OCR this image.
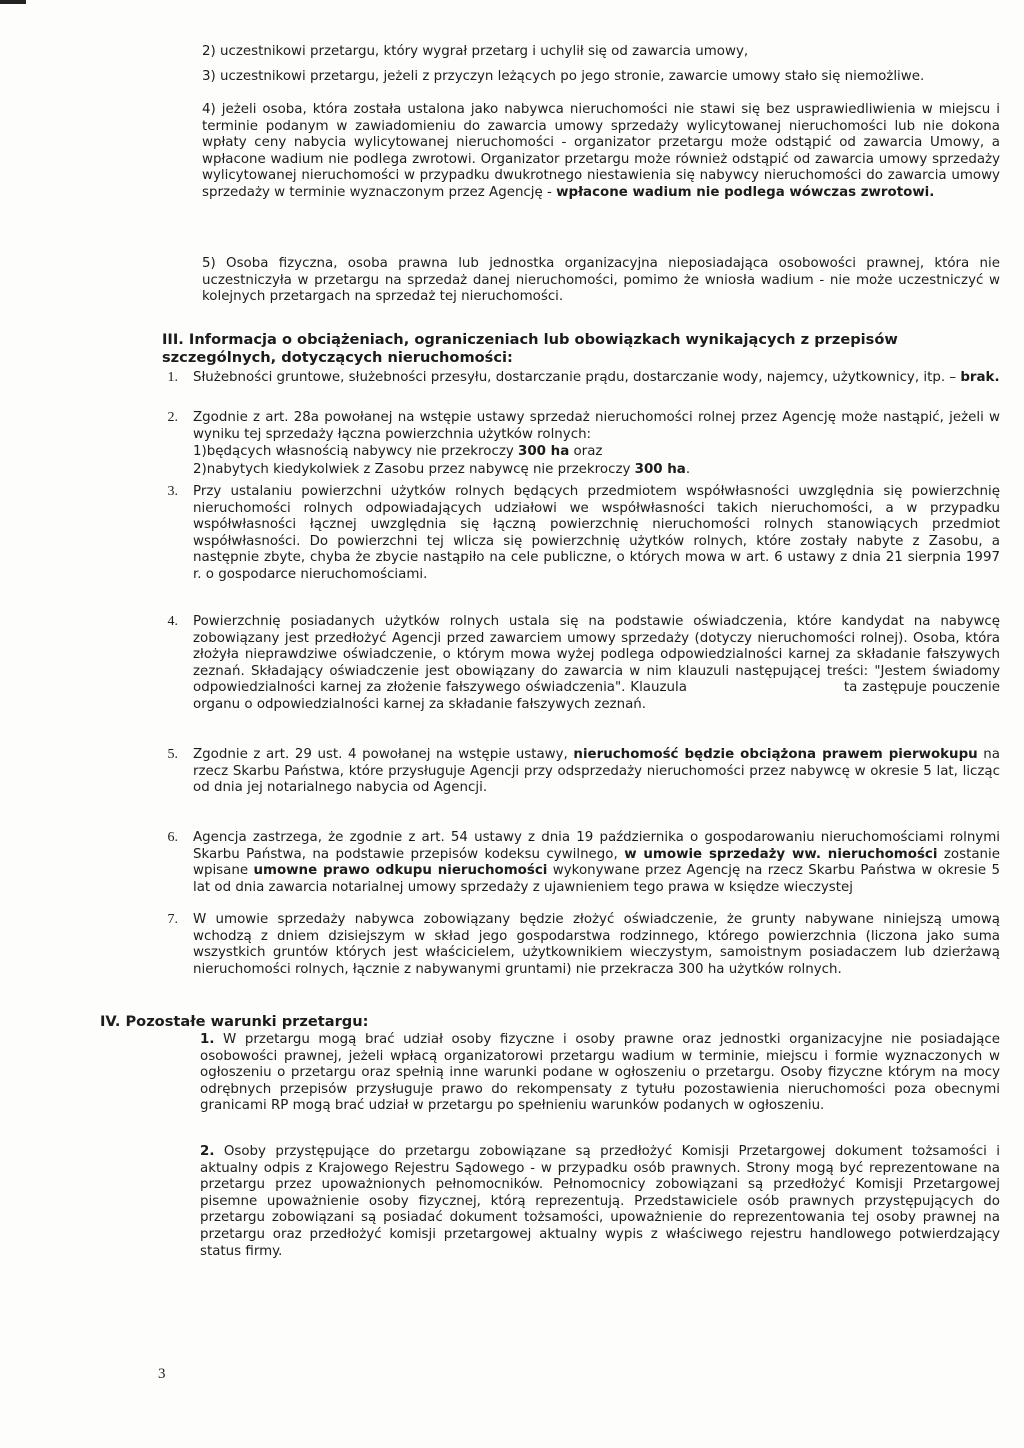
2) uczestnikowi przetargu, który wygrał przetarg i uchylił się od zawarcia umowy,

3) uczestnikowi przetargu, jeżeli z przyczyn leżących po jego stronie, zawarcie umowy stało się niemożliwe.

4) jeżeli osoba, która została ustalona jako nabywca nieruchomości nie stawi się bez usprawiedliwienia w miejscu i terminie podanym w zawiadomieniu do zawarcia umowy sprzedaży wylicytowanej nieruchomości lub nie dokona wpłaty ceny nabycia wylicytowanej nieruchomości - organizator przetargu może odstąpić od zawarcia Umowy, a wpłacone wadium nie podlega zwrotowi. Organizator przetargu może również odstąpić od zawarcia umowy sprzedaży wylicytowanej nieruchomości w przypadku dwukrotnego niestawienia się nabywcy nieruchomości do zawarcia umowy sprzedaży w terminie wyznaczonym przez Agencję - wpłacone wadium nie podlega wówczas zwrotowi.

5) Osoba fizyczna, osoba prawna lub jednostka organizacyjna nieposiadająca osobowości prawnej, która nie uczestniczyła w przetargu na sprzedaż danej nieruchomości, pomimo że wniosła wadium - nie może uczestniczyć w kolejnych przetargach na sprzedaż tej nieruchomości.

III. Informacja o obciążeniach, ograniczeniach lub obowiązkach wynikających z przepisów szczególnych, dotyczących nieruchomości:

1. Służebności gruntowe, służebności przesyłu, dostarczanie prądu, dostarczanie wody, najemcy, użytkownicy, itp. – brak.

2. Zgodnie z art. 28a powołanej na wstępie ustawy sprzedaż nieruchomości rolnej przez Agencję może nastąpić, jeżeli w wyniku tej sprzedaży łączna powierzchnia użytków rolnych:

1)będących własnością nabywcy nie przekroczy 300 ha oraz

2)nabytych kiedykolwiek z Zasobu przez nabywcę nie przekroczy 300 ha.

3. Przy ustalaniu powierzchni użytków rolnych będących przedmiotem współwłasności uwzględnia się powierzchnię nieruchomości rolnych odpowiadających udziałowi we współwłasności takich nieruchomości, a w przypadku współwłasności łącznej uwzględnia się łączną powierzchnię nieruchomości rolnych stanowiących przedmiot współwłasności. Do powierzchni tej wlicza się powierzchnię użytków rolnych, które zostały nabyte z Zasobu, a następnie zbyte, chyba że zbycie nastąpiło na cele publiczne, o których mowa w art. 6 ustawy z dnia 21 sierpnia 1997 r. o gospodarce nieruchomościami.

4. Powierzchnię posiadanych użytków rolnych ustala się na podstawie oświadczenia, które kandydat na nabywcę zobowiązany jest przedłożyć Agencji przed zawarciem umowy sprzedaży (dotyczy nieruchomości rolnej). Osoba, która złożyła nieprawdziwe oświadczenie, o którym mowa wyżej podlega odpowiedzialności karnej za składanie fałszywych zeznań. Składający oświadczenie jest obowiązany do zawarcia w nim klauzuli następującej treści: "Jestem świadomy odpowiedzialności karnej za złożenie fałszywego oświadczenia". Klauzula             ta zastępuje pouczenie organu o odpowiedzialności karnej za składanie fałszywych zeznań.

5. Zgodnie z art. 29 ust. 4 powołanej na wstępie ustawy, nieruchomość będzie obciążona prawem pierwokupu na rzecz Skarbu Państwa, które przysługuje Agencji przy odsprzedaży nieruchomości przez nabywcę w okresie 5 lat, licząc od dnia jej notarialnego nabycia od Agencji.

6. Agencja zastrzega, że zgodnie z art. 54 ustawy z dnia 19 października o gospodarowaniu nieruchomościami rolnymi Skarbu Państwa, na podstawie przepisów kodeksu cywilnego, w umowie sprzedaży ww. nieruchomości zostanie wpisane umowne prawo odkupu nieruchomości wykonywane przez Agencję na rzecz Skarbu Państwa w okresie 5 lat od dnia zawarcia notarialnej umowy sprzedaży z ujawnieniem tego prawa w księdze wieczystej

7. W umowie sprzedaży nabywca zobowiązany będzie złożyć oświadczenie, że grunty nabywane niniejszą umową wchodzą z dniem dzisiejszym w skład jego gospodarstwa rodzinnego, którego powierzchnia (liczona jako suma wszystkich gruntów których jest właścicielem, użytkownikiem wieczystym, samoistnym posiadaczem lub dzierżawą nieruchomości rolnych, łącznie z nabywanymi gruntami) nie przekracza 300 ha użytków rolnych.

IV. Pozostałe warunki przetargu:

1. W przetargu mogą brać udział osoby fizyczne i osoby prawne oraz jednostki organizacyjne nie posiadające osobowości prawnej, jeżeli wpłacą organizatorowi przetargu wadium w terminie, miejscu i formie wyznaczonych w ogłoszeniu o przetargu oraz spełnią inne warunki podane w ogłoszeniu o przetargu. Osoby fizyczne którym na mocy odrębnych przepisów przysługuje prawo do rekompensaty z tytułu pozostawienia nieruchomości poza obecnymi granicami RP mogą brać udział w przetargu po spełnieniu warunków podanych w ogłoszeniu.

2. Osoby przystępujące do przetargu zobowiązane są przedłożyć Komisji Przetargowej dokument tożsamości i aktualny odpis z Krajowego Rejestru Sądowego - w przypadku osób prawnych. Strony mogą być reprezentowane na przetargu przez upoważnionych pełnomocników. Pełnomocnicy zobowiązani są przedłożyć Komisji Przetargowej pisemne upoważnienie osoby fizycznej, którą reprezentują. Przedstawiciele osób prawnych przystępujących do przetargu zobowiązani są posiadać dokument tożsamości, upoważnienie do reprezentowania tej osoby prawnej na przetargu oraz przedłożyć komisji przetargowej aktualny wypis z właściwego rejestru handlowego potwierdzający status firmy.

3
